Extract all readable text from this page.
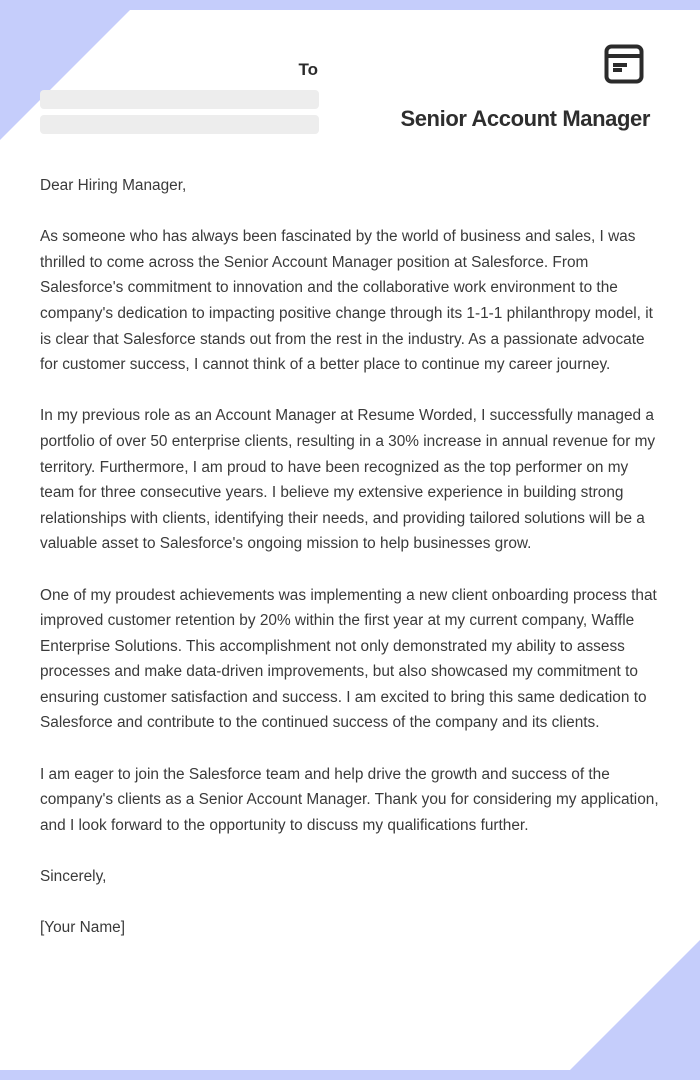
To
Senior Account Manager

Dear Hiring Manager,

As someone who has always been fascinated by the world of business and sales, I was thrilled to come across the Senior Account Manager position at Salesforce. From Salesforce's commitment to innovation and the collaborative work environment to the company's dedication to impacting positive change through its 1-1-1 philanthropy model, it is clear that Salesforce stands out from the rest in the industry. As a passionate advocate for customer success, I cannot think of a better place to continue my career journey.

In my previous role as an Account Manager at Resume Worded, I successfully managed a portfolio of over 50 enterprise clients, resulting in a 30% increase in annual revenue for my territory. Furthermore, I am proud to have been recognized as the top performer on my team for three consecutive years. I believe my extensive experience in building strong relationships with clients, identifying their needs, and providing tailored solutions will be a valuable asset to Salesforce's ongoing mission to help businesses grow.

One of my proudest achievements was implementing a new client onboarding process that improved customer retention by 20% within the first year at my current company, Waffle Enterprise Solutions. This accomplishment not only demonstrated my ability to assess processes and make data-driven improvements, but also showcased my commitment to ensuring customer satisfaction and success. I am excited to bring this same dedication to Salesforce and contribute to the continued success of the company and its clients.

I am eager to join the Salesforce team and help drive the growth and success of the company's clients as a Senior Account Manager. Thank you for considering my application, and I look forward to the opportunity to discuss my qualifications further.

Sincerely,

[Your Name]
